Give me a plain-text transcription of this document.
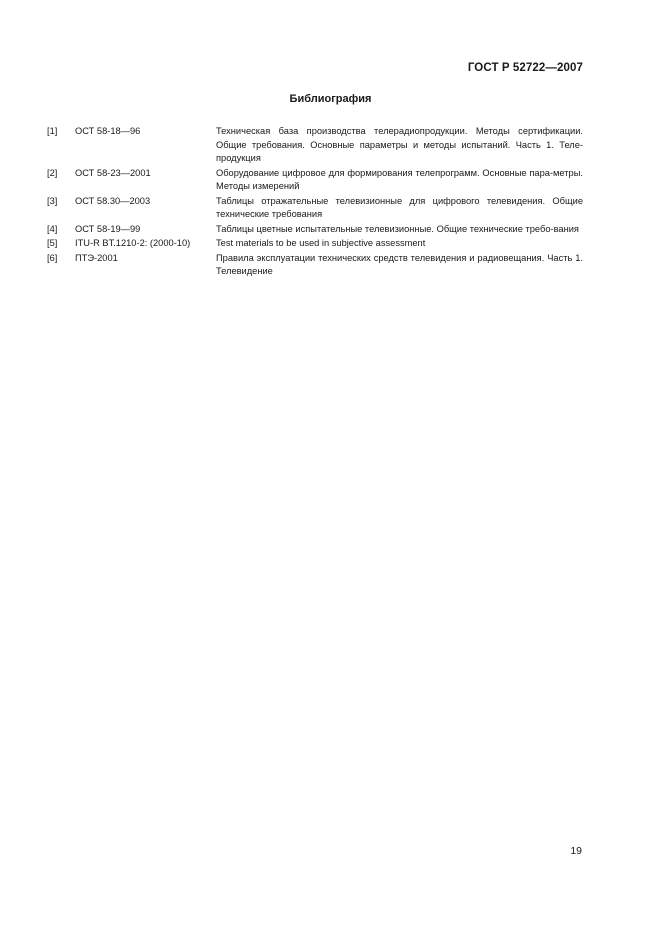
ГОСТ Р 52722—2007
Библиография
[1]	ОСТ 58-18—96	Техническая база производства телерадиопродукции. Методы сертификации. Общие требования. Основные параметры и методы испытаний. Часть 1. Теле-продукция
[2]	ОСТ 58-23—2001	Оборудование цифровое для формирования телепрограмм. Основные пара-метры. Методы измерений
[3]	ОСТ 58.30—2003	Таблицы отражательные телевизионные для цифрового телевидения. Общие технические требования
[4]	ОСТ 58-19—99	Таблицы цветные испытательные телевизионные. Общие технические требо-вания
[5]	ITU-R BT.1210-2: (2000-10)	Test materials to be used in subjective assessment
[6]	ПТЭ-2001	Правила эксплуатации технических средств телевидения и радиовещания. Часть 1. Телевидение
19
